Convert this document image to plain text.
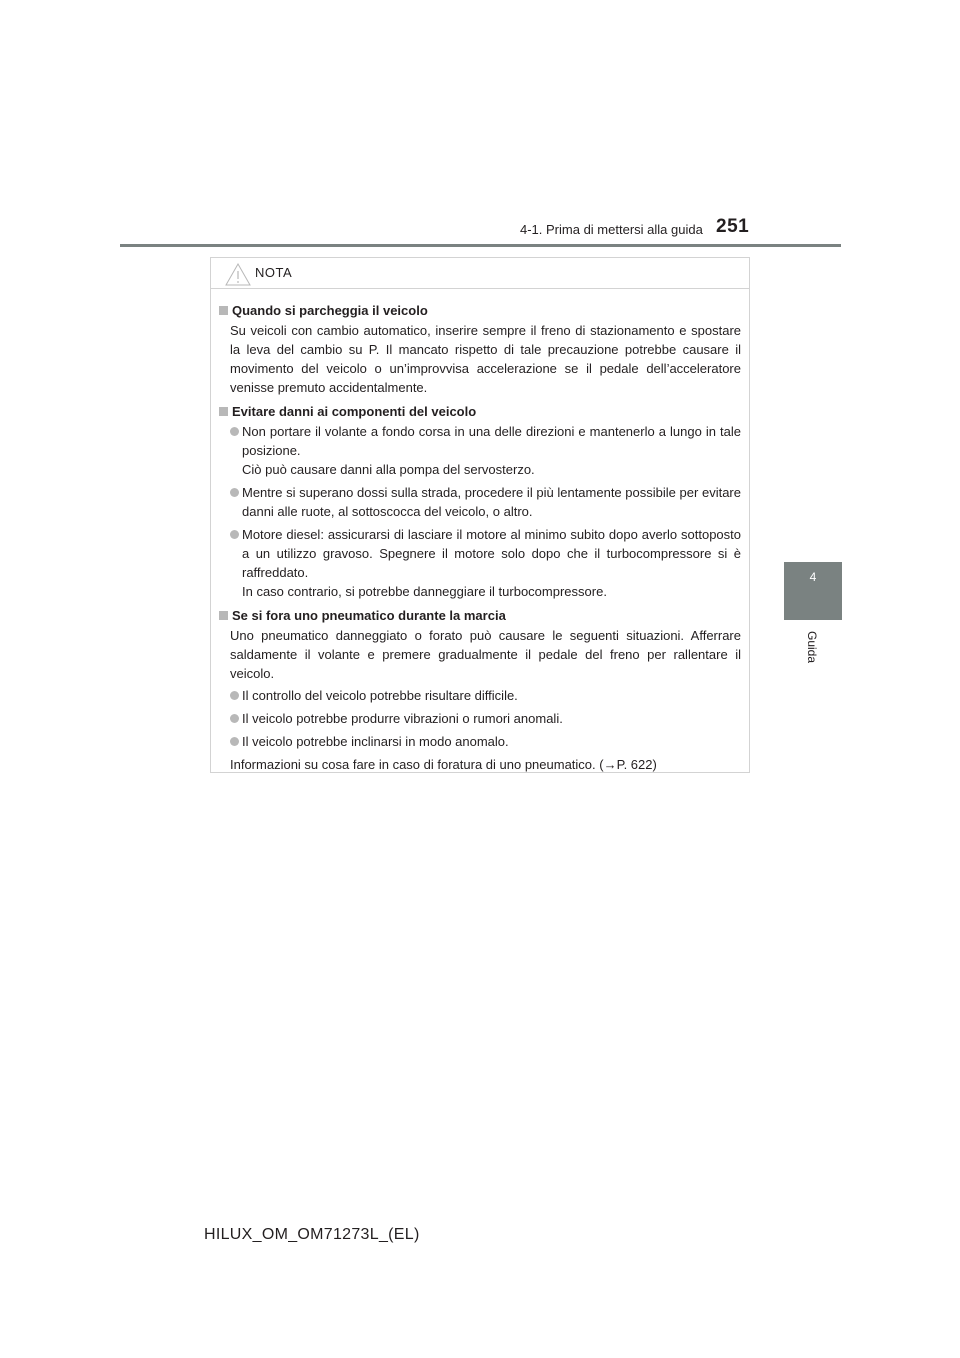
4-1. Prima di mettersi alla guida 251
4
Guida
NOTA
Quando si parcheggia il veicolo
Su veicoli con cambio automatico, inserire sempre il freno di stazionamento e spostare la leva del cambio su P. Il mancato rispetto di tale precauzione potrebbe causare il movimento del veicolo o un’improvvisa accelerazione se il pedale dell’acceleratore venisse premuto accidentalmente.
Evitare danni ai componenti del veicolo
Non portare il volante a fondo corsa in una delle direzioni e mantenerlo a lungo in tale posizione.
Ciò può causare danni alla pompa del servosterzo.
Mentre si superano dossi sulla strada, procedere il più lentamente possibile per evitare danni alle ruote, al sottoscocca del veicolo, o altro.
Motore diesel: assicurarsi di lasciare il motore al minimo subito dopo averlo sottoposto a un utilizzo gravoso. Spegnere il motore solo dopo che il turbocompressore si è raffreddato.
In caso contrario, si potrebbe danneggiare il turbocompressore.
Se si fora uno pneumatico durante la marcia
Uno pneumatico danneggiato o forato può causare le seguenti situazioni. Afferrare saldamente il volante e premere gradualmente il pedale del freno per rallentare il veicolo.
Il controllo del veicolo potrebbe risultare difficile.
Il veicolo potrebbe produrre vibrazioni o rumori anomali.
Il veicolo potrebbe inclinarsi in modo anomalo.
Informazioni su cosa fare in caso di foratura di uno pneumatico. (→P. 622)
HILUX_OM_OM71273L_(EL)
